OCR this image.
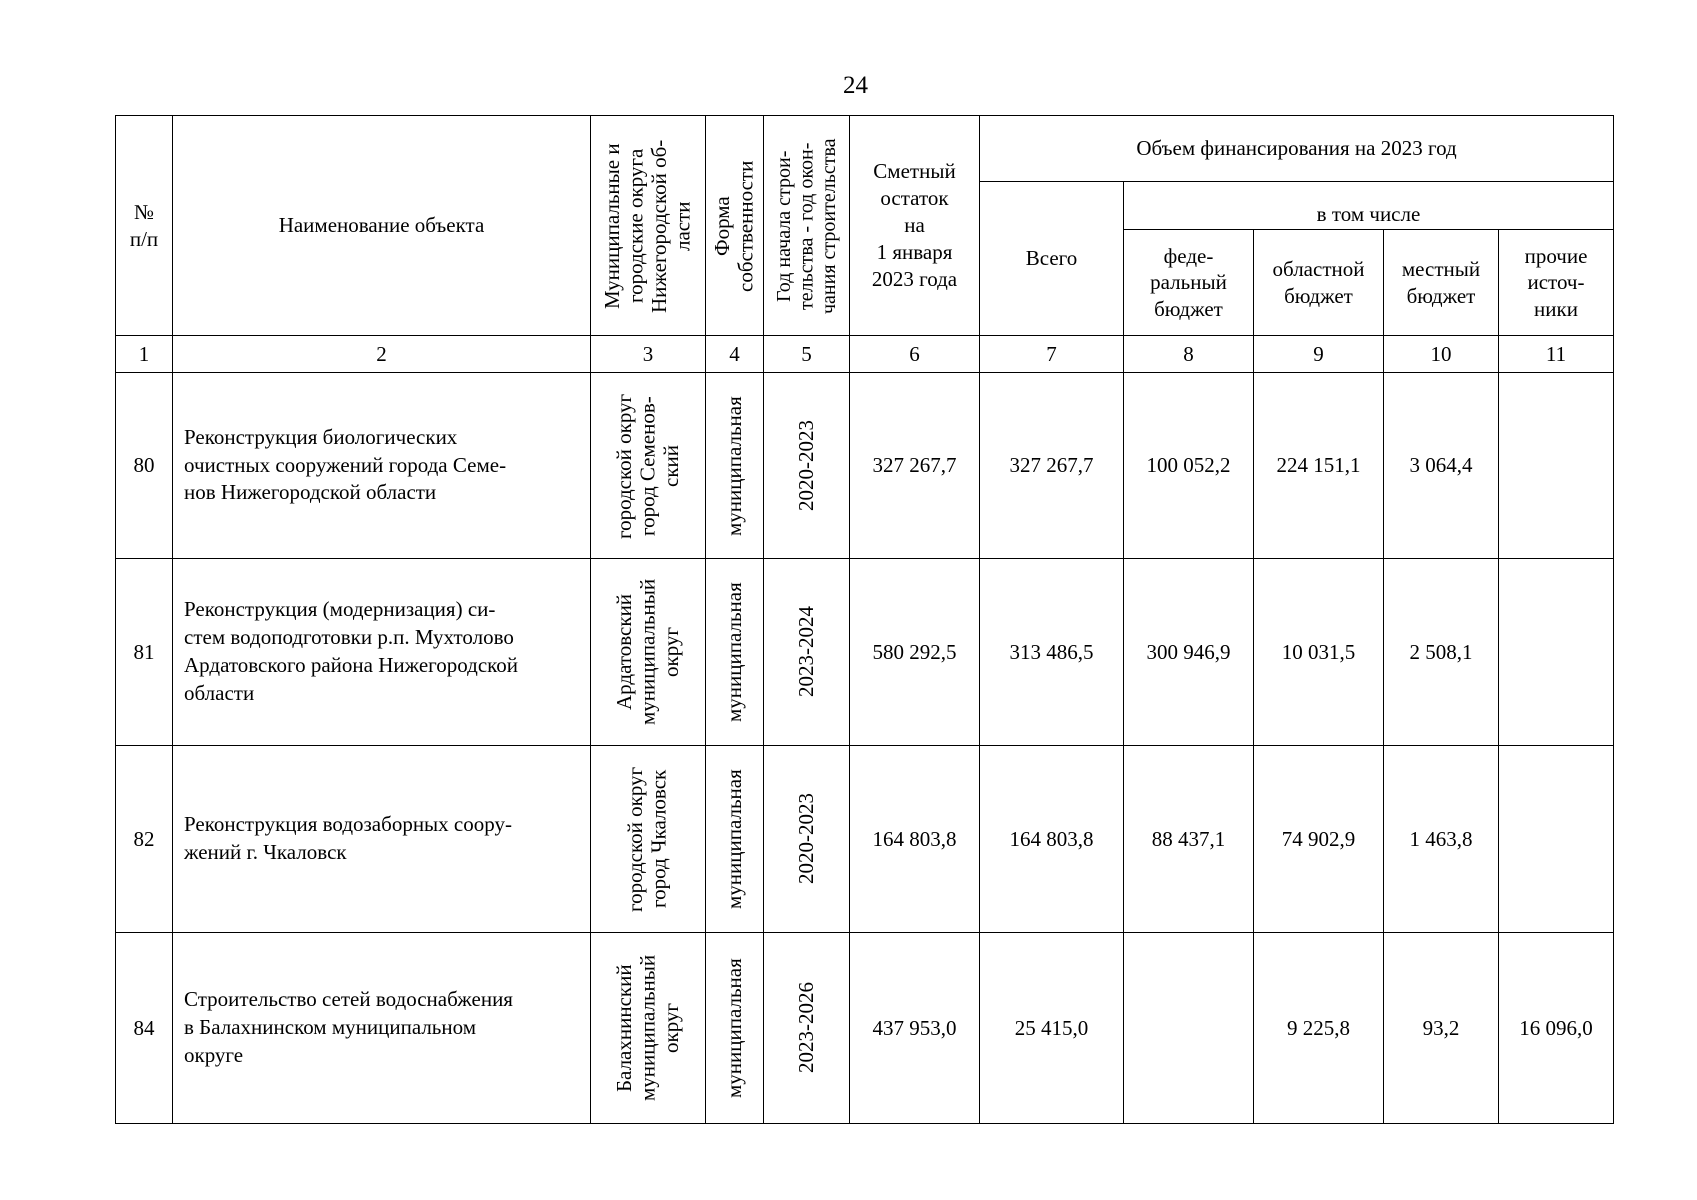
24
№
п/п	Наименование объекта	Муниципальные и
городские округа
Нижегородской об-
ласти	Форма
собственности	Год начала строи-
тельства - год окон-
чания строительства	Сметный
остаток
на
1 января
2023 года	Объем финансирования на 2023 год				
						Всего	в том числе			

							феде-
ральный
бюджет	областной
бюджет	местный
бюджет	прочие
источ-
ники

1	2	3	4	5	6	7	8	9	10	11
80	Реконструкция биологических
очистных сооружений города Семе-
нов Нижегородской области	городской округ
город Семенов-
ский	муниципальная	2020-2023	327 267,7	327 267,7	100 052,2	224 151,1	3 064,4	
81	Реконструкция (модернизация) си-
стем водоподготовки р.п. Мухтолово
Ардатовского района Нижегородской
области	Ардатовский
муниципальный
округ	муниципальная	2023-2024	580 292,5	313 486,5	300 946,9	10 031,5	2 508,1	
82	Реконструкция водозаборных соору-
жений г. Чкаловск	городской округ
город Чкаловск	муниципальная	2020-2023	164 803,8	164 803,8	88 437,1	74 902,9	1 463,8	
84	Строительство сетей водоснабжения
в Балахнинском муниципальном
округе	Балахнинский
муниципальный
округ	муниципальная	2023-2026	437 953,0	25 415,0		9 225,8	93,2	16 096,0
